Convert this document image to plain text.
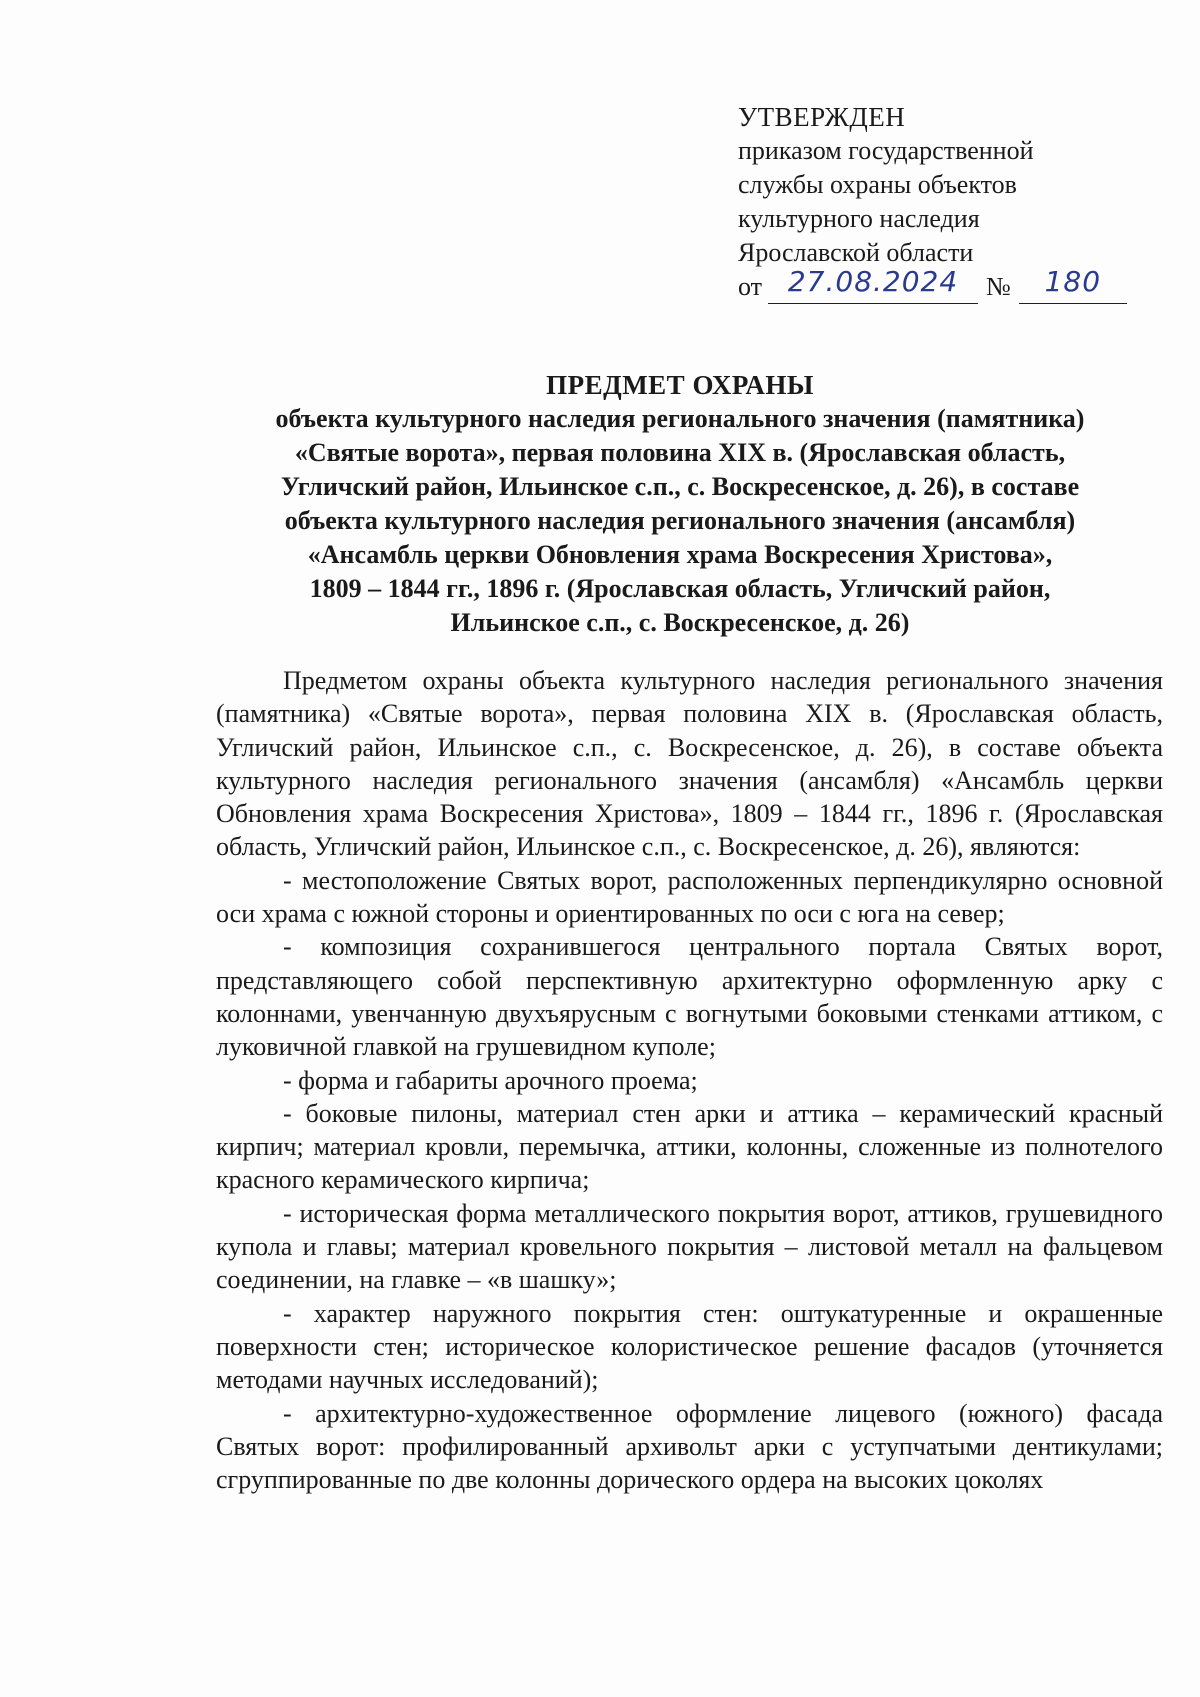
УТВЕРЖДЕН
приказом государственной
службы охраны объектов
культурного наследия
Ярославской области
от 27.08.2024	№	180
ПРЕДМЕТ ОХРАНЫ
объекта культурного наследия регионального значения (памятника)
«Святые ворота», первая половина XIX в. (Ярославская область,
Угличский район, Ильинское с.п., с. Воскресенское, д. 26), в составе
объекта культурного наследия регионального значения (ансамбля)
«Ансамбль церкви Обновления храма Воскресения Христова»,
1809 – 1844 гг., 1896 г. (Ярославская область, Угличский район,
Ильинское с.п., с. Воскресенское, д. 26)

Предметом охраны объекта культурного наследия регионального значения (памятника) «Святые ворота», первая половина XIX в. (Ярославская область, Угличский район, Ильинское с.п., с. Воскресенское, д. 26), в составе объекта культурного наследия регионального значения (ансамбля) «Ансамбль церкви Обновления храма Воскресения Христова», 1809 – 1844 гг., 1896 г. (Ярославская область, Угличский район, Ильинское с.п., с. Воскресенское, д. 26), являются:

- местоположение Святых ворот, расположенных перпендикулярно основной оси храма с южной стороны и ориентированных по оси с юга на север;

- композиция сохранившегося центрального портала Святых ворот, представляющего собой перспективную архитектурно оформленную арку с колоннами, увенчанную двухъярусным с вогнутыми боковыми стенками аттиком, с луковичной главкой на грушевидном куполе;

- форма и габариты арочного проема;

- боковые пилоны, материал стен арки и аттика – керамический красный кирпич; материал кровли, перемычка, аттики, колонны, сложенные из полнотелого красного керамического кирпича;

- историческая форма металлического покрытия ворот, аттиков, грушевидного купола и главы; материал кровельного покрытия – листовой металл на фальцевом соединении, на главке – «в шашку»;

- характер наружного покрытия стен: оштукатуренные и окрашенные поверхности стен; историческое колористическое решение фасадов (уточняется методами научных исследований);

- архитектурно-художественное оформление лицевого (южного) фасада Святых ворот: профилированный архивольт арки с уступчатыми дентикулами; сгруппированные по две колонны дорического ордера на высоких цоколях
